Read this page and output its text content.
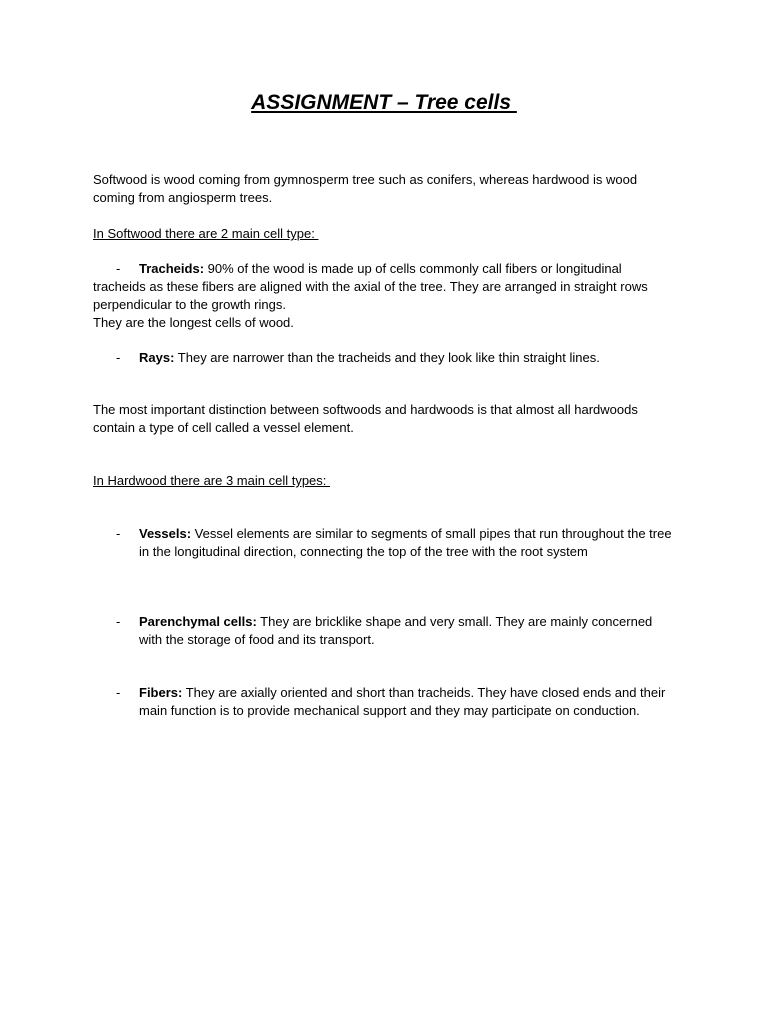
ASSIGNMENT – Tree cells

Softwood is wood coming from gymnosperm tree such as conifers, whereas hardwood is wood coming from angiosperm trees.

In Softwood there are 2 main cell type:
-	Tracheids: 90% of the wood is made up of cells commonly call fibers or longitudinal tracheids as these fibers are aligned with the axial of the tree. They are arranged in straight rows perpendicular to the growth rings.
They are the longest cells of wood.
- Rays: They are narrower than the tracheids and they look like thin straight lines.

The most important distinction between softwoods and hardwoods is that almost all hardwoods contain a type of cell called a vessel element.

In Hardwood there are 3 main cell types:
- Vessels: Vessel elements are similar to segments of small pipes that run throughout the tree in the longitudinal direction, connecting the top of the tree with the root system
- Parenchymal cells: They are bricklike shape and very small. They are mainly concerned with the storage of food and its transport.
- Fibers: They are axially oriented and short than tracheids. They have closed ends and their main function is to provide mechanical support and they may participate on conduction.
